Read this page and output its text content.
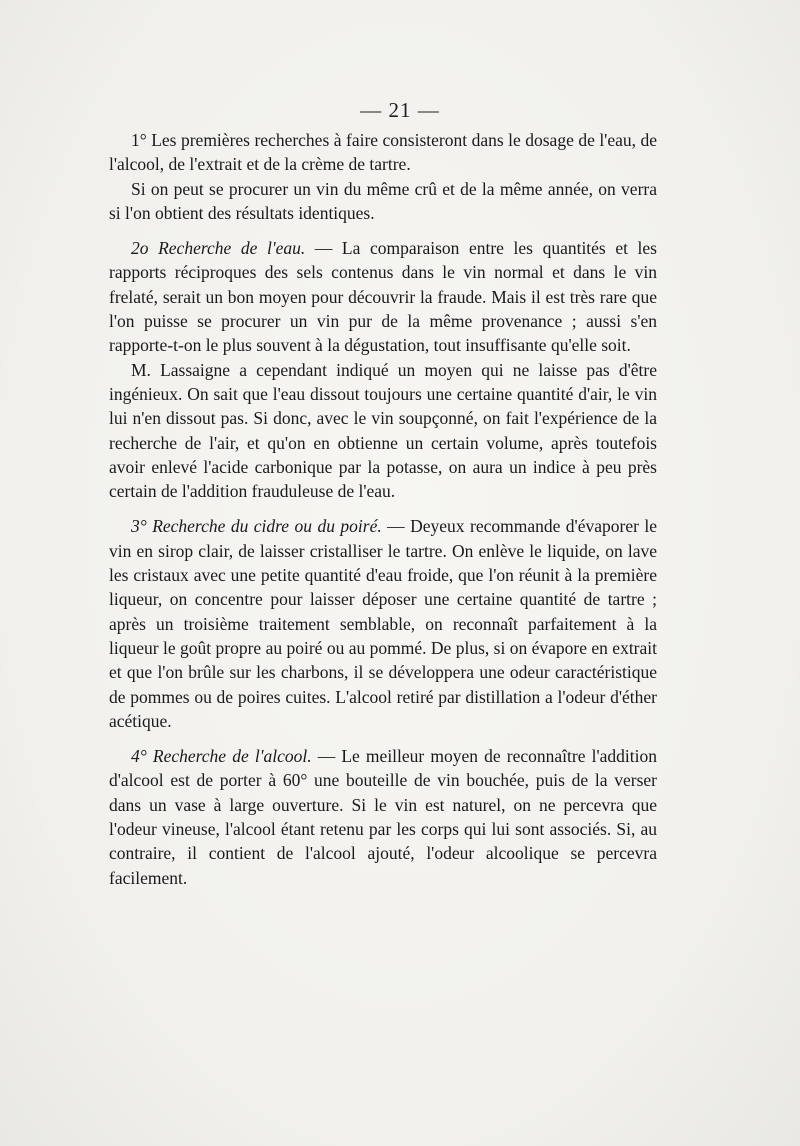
— 21 —

1° Les premières recherches à faire consisteront dans le dosage de l'eau, de l'alcool, de l'extrait et de la crème de tartre.

Si on peut se procurer un vin du même crû et de la même année, on verra si l'on obtient des résultats identiques.

2o Recherche de l'eau. — La comparaison entre les quantités et les rapports réciproques des sels contenus dans le vin normal et dans le vin frelaté, serait un bon moyen pour découvrir la fraude. Mais il est très rare que l'on puisse se procurer un vin pur de la même provenance ; aussi s'en rapporte-t-on le plus souvent à la dégustation, tout insuffisante qu'elle soit.

M. Lassaigne a cependant indiqué un moyen qui ne laisse pas d'être ingénieux. On sait que l'eau dissout toujours une certaine quantité d'air, le vin lui n'en dissout pas. Si donc, avec le vin soupçonné, on fait l'expérience de la recherche de l'air, et qu'on en obtienne un certain volume, après toutefois avoir enlevé l'acide carbonique par la potasse, on aura un indice à peu près certain de l'addition frauduleuse de l'eau.

3° Recherche du cidre ou du poiré. — Deyeux recommande d'évaporer le vin en sirop clair, de laisser cristalliser le tartre. On enlève le liquide, on lave les cristaux avec une petite quantité d'eau froide, que l'on réunit à la première liqueur, on concentre pour laisser déposer une certaine quantité de tartre ; après un troisième traitement semblable, on reconnaît parfaitement à la liqueur le goût propre au poiré ou au pommé. De plus, si on évapore en extrait et que l'on brûle sur les charbons, il se développera une odeur caractéristique de pommes ou de poires cuites. L'alcool retiré par distillation a l'odeur d'éther acétique.

4° Recherche de l'alcool. — Le meilleur moyen de reconnaître l'addition d'alcool est de porter à 60° une bouteille de vin bouchée, puis de la verser dans un vase à large ouverture. Si le vin est naturel, on ne percevra que l'odeur vineuse, l'alcool étant retenu par les corps qui lui sont associés. Si, au contraire, il contient de l'alcool ajouté, l'odeur alcoolique se percevra facilement.
